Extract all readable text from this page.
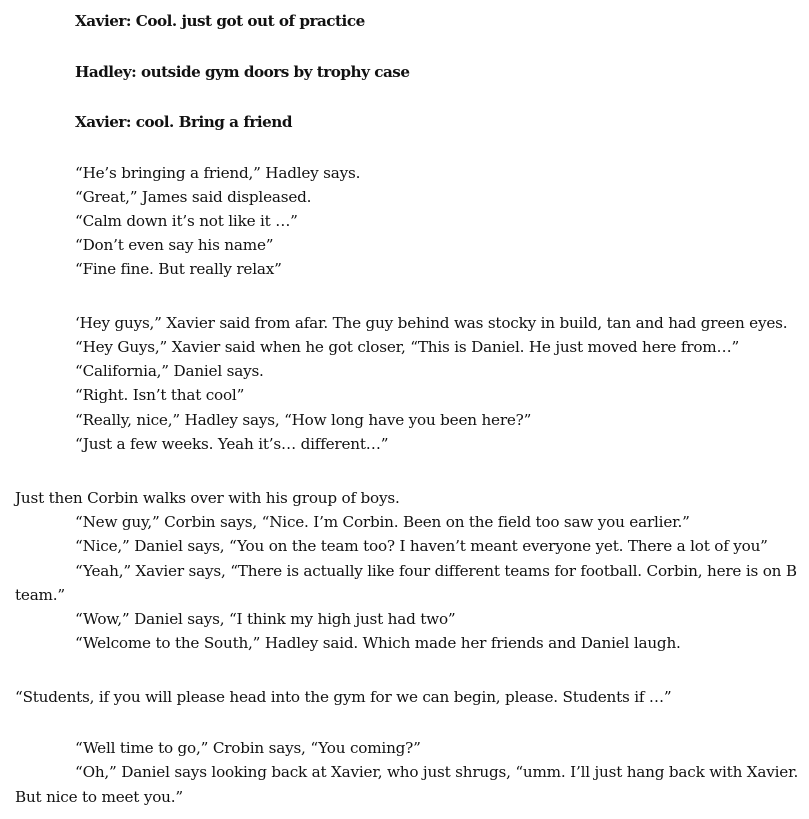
Xavier: Cool. just got out of practice
Hadley: outside gym doors by trophy case
Xavier: cool. Bring a friend
“He’s bringing a friend,” Hadley says.
“Great,” James said displeased.
“Calm down it’s not like it …”
“Don’t even say his name”
“Fine fine. But really relax”
‘Hey guys,” Xavier said from afar. The guy behind was stocky in build, tan and had green eyes.
“Hey Guys,” Xavier said when he got closer, “This is Daniel. He just moved here from…”
“California,” Daniel says.
“Right. Isn’t that cool”
“Really, nice,” Hadley says, “How long have you been here?”
“Just a few weeks. Yeah it’s… different…”
Just then Corbin walks over with his group of boys.
“New guy,” Corbin says, “Nice. I’m Corbin. Been on the field too saw you earlier.”
“Nice,” Daniel says, “You on the team too? I haven’t meant everyone yet. There a lot of you”
“Yeah,” Xavier says, “There is actually like four different teams for football. Corbin, here is on B
team.”
“Wow,” Daniel says, “I think my high just had two”
“Welcome to the South,” Hadley said. Which made her friends and Daniel laugh.
“Students, if you will please head into the gym for we can begin, please. Students if …”
“Well time to go,” Crobin says, “You coming?”
“Oh,” Daniel says looking back at Xavier, who just shrugs, “umm. I’ll just hang back with Xavier.
But nice to meet you.”
